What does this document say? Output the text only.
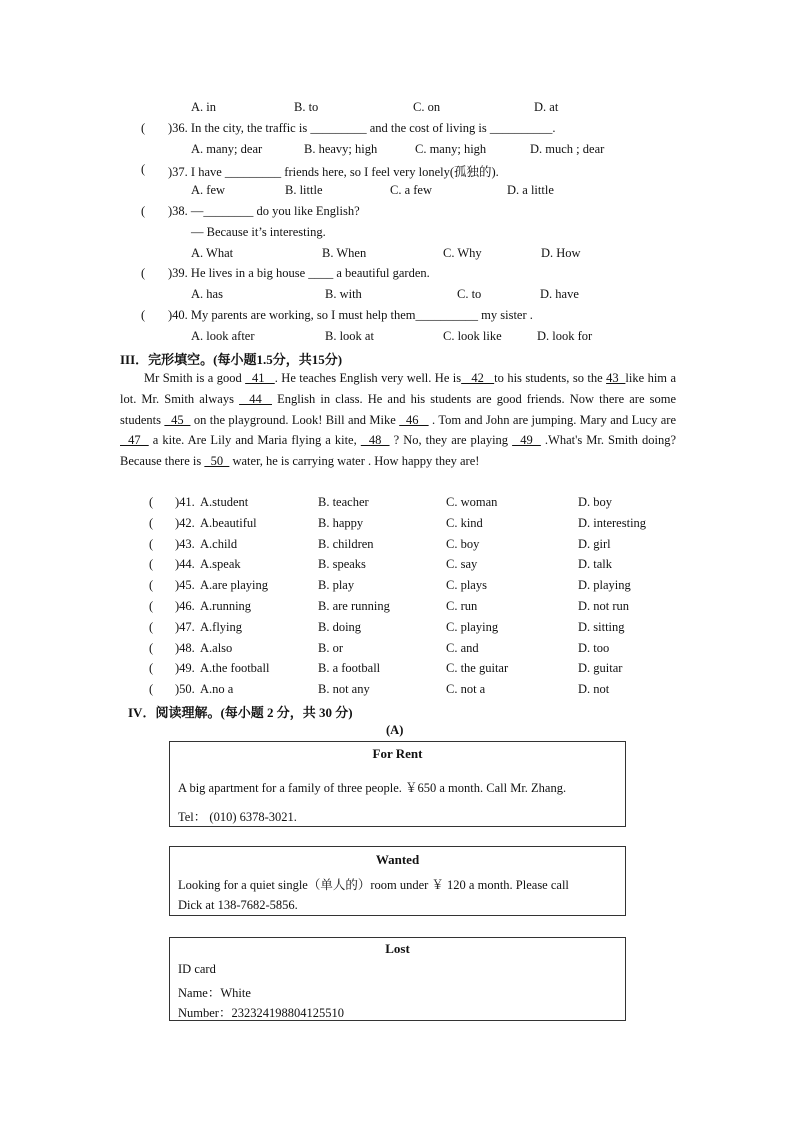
A. in	B. to	C. on	D. at
( )36. In the city, the traffic is _________ and the cost of living is __________.
A. many; dear	B. heavy; high	C. many; high	D. much ; dear
( )37. I have _________ friends here, so I feel very lonely(孤独的).
A. few	B. little	C. a few	D. a little
( )38. —________ do you like English?
— Because it’s interesting.
A. What	B. When	C. Why	D. How
( )39. He lives in a big house ____ a beautiful garden.
A. has	B. with	C. to	D. have
( )40. My parents are working, so I must help them__________ my sister .
A. look after	B. look at	C. look like	D. look for
III．完形填空。(每小题1.5分，共15分)
Mr Smith is a good   41   . He teaches English very well. He is   42   to his students, so the 43  like him a lot. Mr. Smith always   44   English in class. He and his students are good friends. Now there are some students   45   on the playground. Look! Bill and Mike   46    . Tom and John are jumping. Mary and Lucy are   47   a kite. Are Lily and Maria flying a kite,   48   ? No, they are playing   49   .What's Mr. Smith doing? Because there is   50   water, he is carrying water . How happy they are!
( )41. A.student	B. teacher	C. woman	D. boy
( )42. A.beautiful	B. happy	C. kind	D. interesting
( )43. A.child	B. children	C. boy	D. girl
( )44. A.speak	B. speaks	C. say	D. talk
( )45. A.are playing	B. play	C. plays	D. playing
( )46. A.running	B. are running	C. run	D. not run
( )47. A.flying	B. doing	C. playing	D. sitting
( )48. A.also	B. or	C. and	D. too
( )49. A.the football	B. a football	C. the guitar	D. guitar
( )50. A.no a	B. not any	C. not a	D. not
IV．阅读理解。(每小题 2 分，共 30 分)
(A)
For Rent
A big apartment for a family of three people. ￥650 a month. Call Mr. Zhang.
Tel： (010) 6378-3021.
Wanted
Looking for a quiet single（单人的）room under ￥ 120 a month. Please call
Dick at 138-7682-5856.
Lost
ID card
Name：White
Number：232324198804125510
